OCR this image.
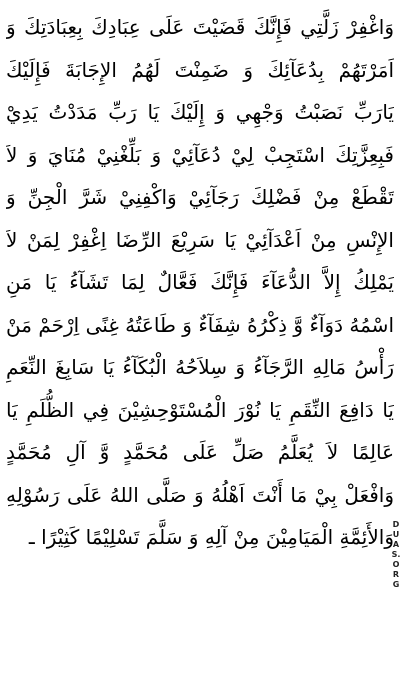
وَاغْفِرْ زَلَّتِي فَإِنَّكَ قَضَيْتَ عَلَى عِبَادِكَ بِعِبَادَتِكَ وَ
اَمَرْتَهُمْ بِدُعَآئِكَ وَ ضَمِنْتَ لَهُمُ الإِجَابَةَ فَإِلَيْكَ
يَارَبِّ نَصَبْتُ وَجْهِي وَ إِلَيْكَ يَا رَبِّ مَدَدْتُ يَدِيْ
فَبِعِزَّتِكَ اسْتَجِبْ لِيْ دُعَآئِيْ وَ بَلِّغْنِيْ مُنَايَ وَ لاَ
تَقْطَعْ مِنْ فَضْلِكَ رَجَآئِيْ وَاكْفِنِيْ شَرَّ الْجِنِّ وَ
الإِنْسِ مِنْ اَعْدَآئِيْ يَا سَرِيْعَ الرِّضَا اِغْفِرْ لِمَنْ لاَ
يَمْلِكُ إِلاَّ الدُّعَآءَ فَإِنَّكَ فَعَّالٌ لِمَا تَشَآءُ يَا مَنِ
اسْمُهُ دَوَآءٌ وَّ ذِكْرُهُ شِفَآءٌ وَ طَاعَتُهُ غِنًى اِرْحَمْ مَنْ
رَأْسُ مَالِهِ الرَّجَآءُ وَ سِلاَحُهُ الْبُكَآءُ يَا سَابِغَ النِّعَمِ
يَا دَافِعَ النِّقَمِ يَا نُوْرَ الْمُسْتَوْحِشِيْنَ فِي الظُّلَمِ يَا
عَالِمًا لاَ يُعَلَّمُ صَلِّ عَلَى مُحَمَّدٍ وَّ آلِ مُحَمَّدٍ
وَافْعَلْ بِيْ مَا أَنْتَ اَهْلُهُ وَ صَلَّى اللهُ عَلَى رَسُوْلِهِ
وَالأَئِمَّةِ الْمَيَامِيْنَ مِنْ آلِهِ وَ سَلَّمَ تَسْلِيْمًا كَثِيْرًا ـ
DUAS.ORG
